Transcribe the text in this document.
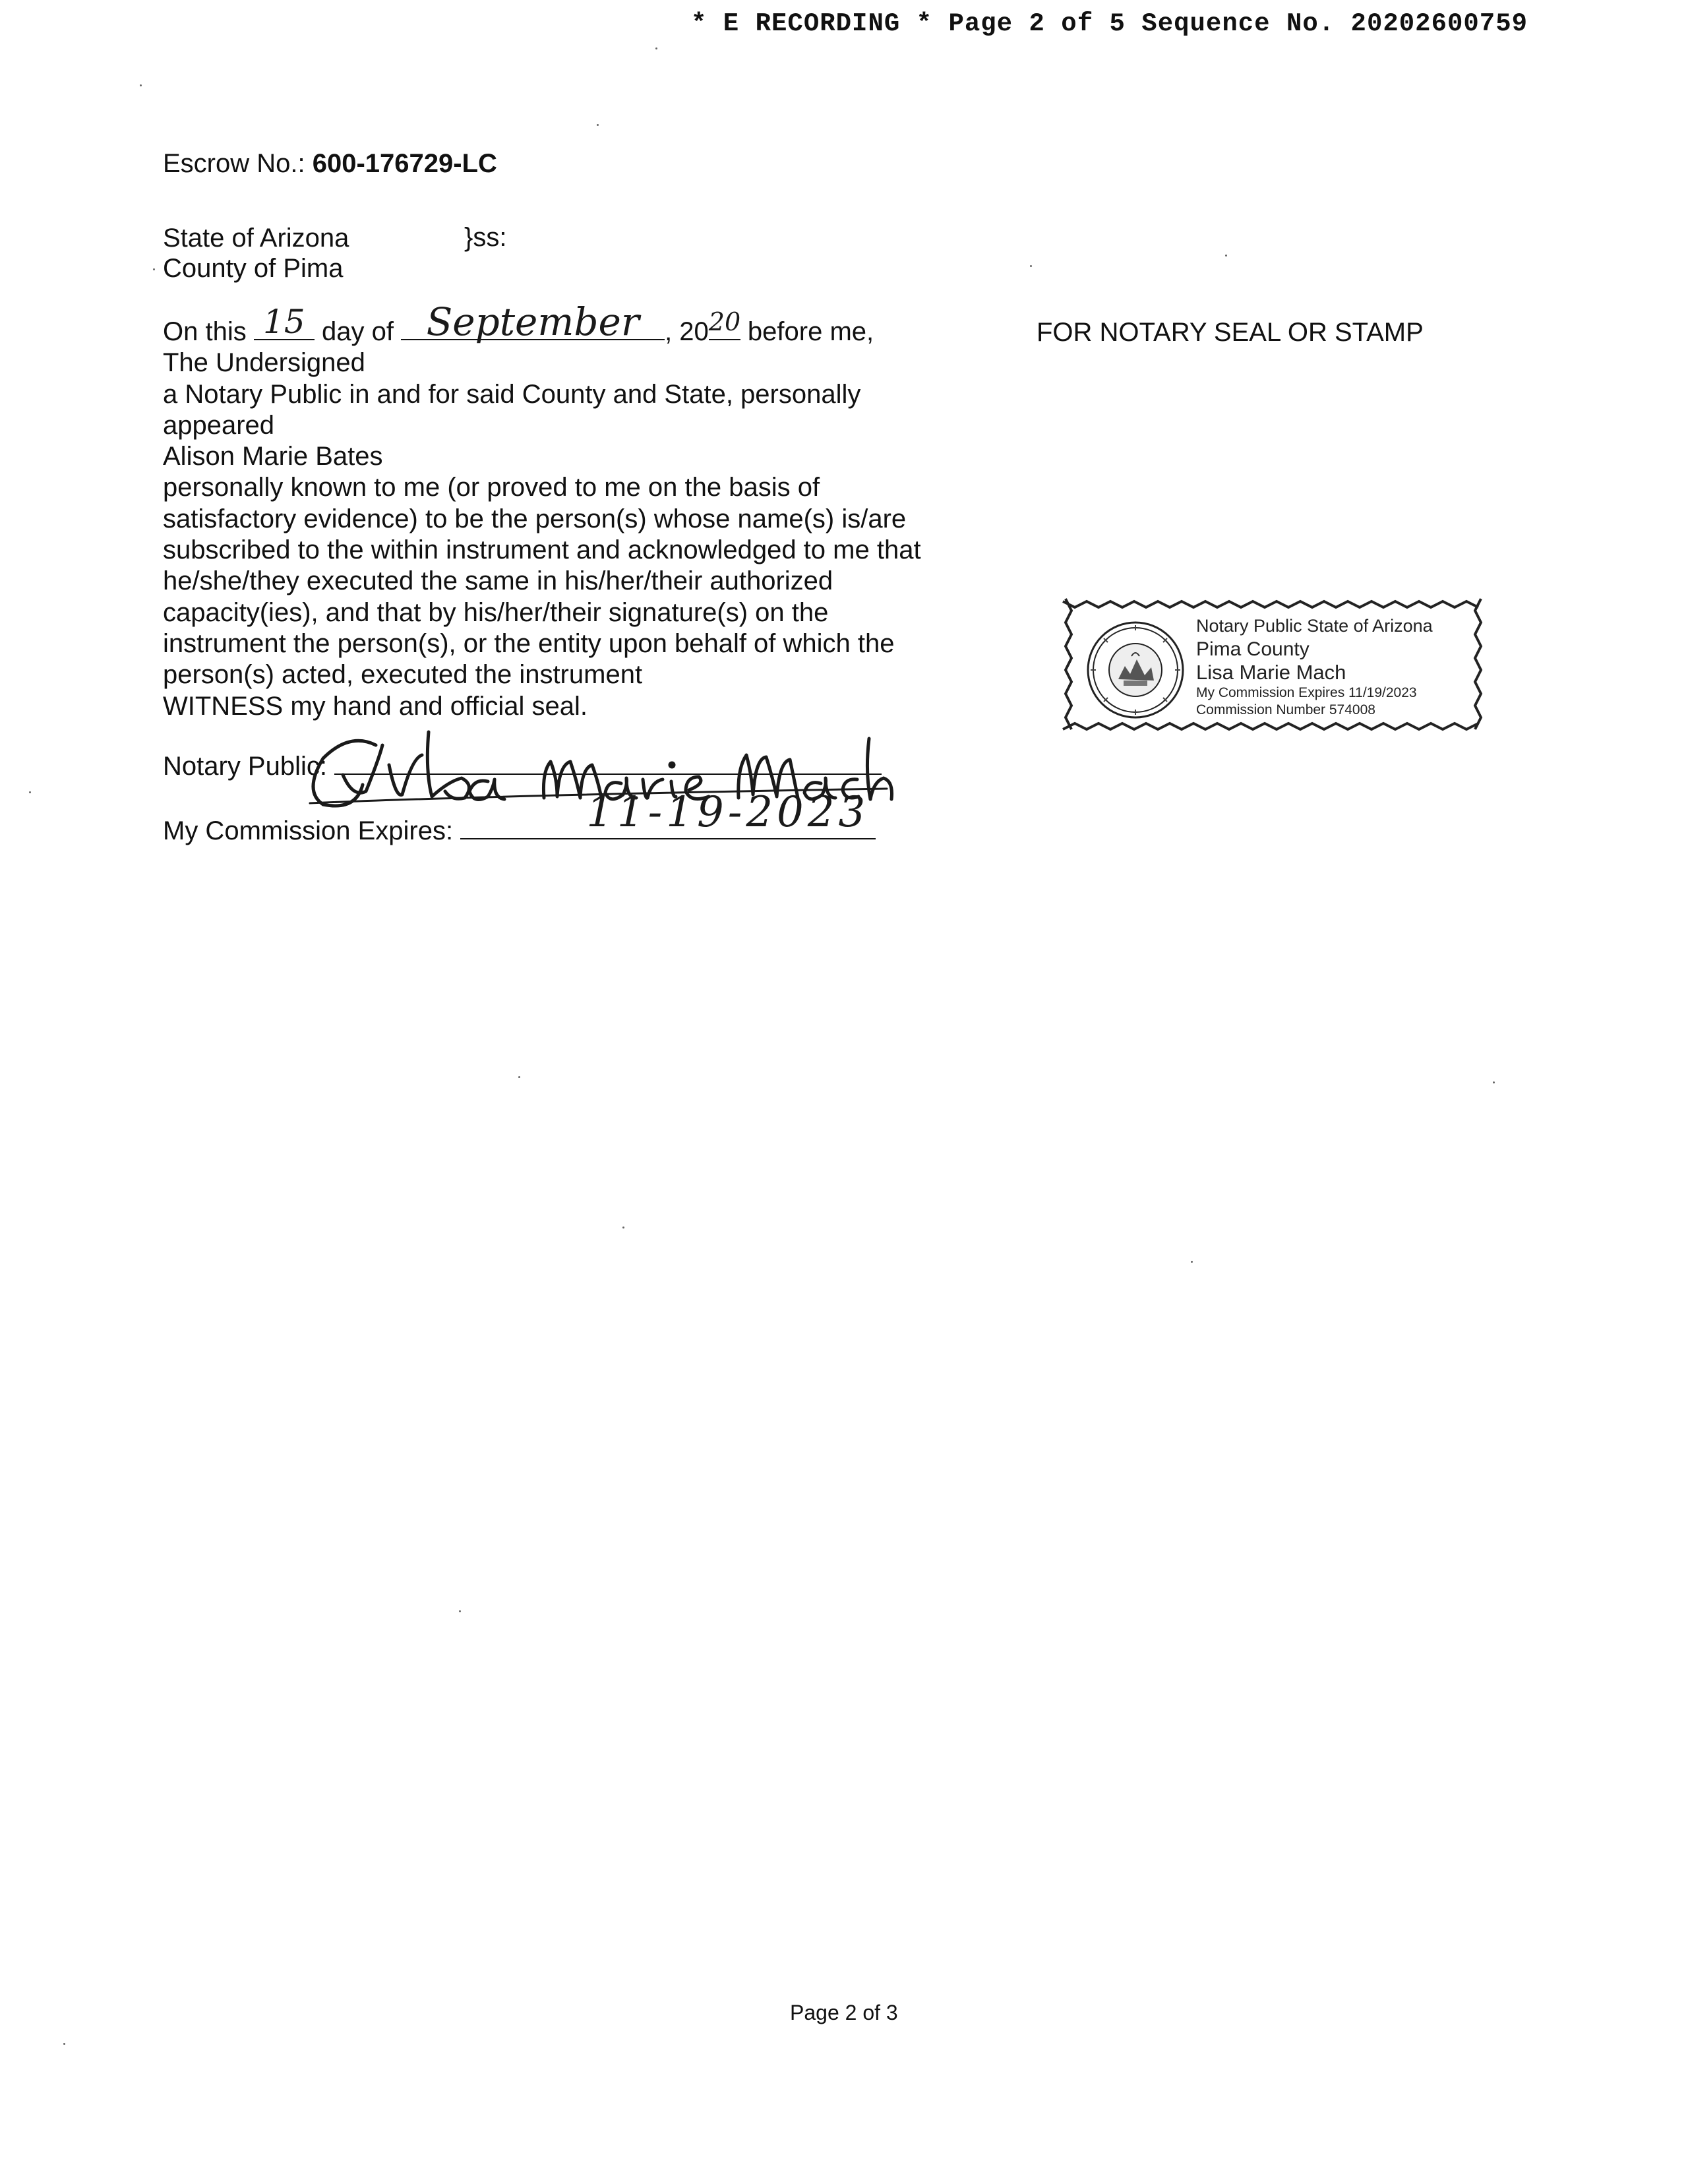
* E RECORDING * Page 2 of 5 Sequence No. 20202600759
Escrow No.: 600-176729-LC
State of Arizona
County of Pima
}ss:
FOR NOTARY SEAL OR STAMP
On this 15 day of September , 20 20 before me,
The Undersigned
a Notary Public in and for said County and State, personally
appeared
Alison Marie Bates
personally known to me (or proved to me on the basis of
satisfactory evidence) to be the person(s) whose name(s) is/are
subscribed to the within instrument and acknowledged to me that
he/she/they executed the same in his/her/their authorized
capacity(ies), and that by his/her/their signature(s) on the
instrument the person(s), or the entity upon behalf of which the
person(s) acted, executed the instrument
WITNESS my hand and official seal.
Notary Public:
My Commission Expires:	11-19-2023
Notary Public State of Arizona
Pima County
Lisa Marie Mach
My Commission Expires 11/19/2023
Commission Number 574008
Page 2 of 3
